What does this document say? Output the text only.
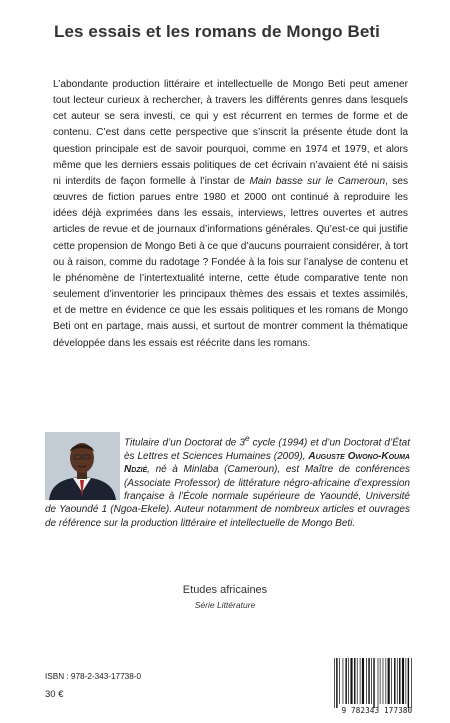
Les essais et les romans de Mongo Beti

L’abondante production littéraire et intellectuelle de Mongo Beti peut amener tout lecteur curieux à rechercher, à travers les différents genres dans lesquels cet auteur se sera investi, ce qui y est récurrent en termes de forme et de contenu. C’est dans cette perspective que s’inscrit la présente étude dont la question principale est de savoir pourquoi, comme en 1974 et 1979, et alors même que les derniers essais politiques de cet écrivain n’avaient été ni saisis ni interdits de façon formelle à l’instar de Main basse sur le Cameroun, ses œuvres de fiction parues entre 1980 et 2000 ont continué à reproduire les idées déjà exprimées dans les essais, interviews, lettres ouvertes et autres articles de revue et de journaux d’informations générales. Qu’est-ce qui justifie cette propension de Mongo Beti à ce que d’aucuns pourraient considérer, à tort ou à raison, comme du radotage ? Fondée à la fois sur l’analyse de contenu et le phénomène de l’intertextualité interne, cette étude comparative tente non seulement d’inventorier les principaux thèmes des essais et textes assimilés, et de mettre en évidence ce que les essais politiques et les romans de Mongo Beti ont en partage, mais aussi, et surtout de montrer comment la thématique développée dans les essais est réécrite dans les romans.

Titulaire d’un Doctorat de 3e cycle (1994) et d’un Doctorat d’État ès Lettres et Sciences Humaines (2009), Auguste Owono-Kouma Ndzié, né à Minlaba (Cameroun), est Maître de conférences (Associate Professor) de littérature négro-africaine d’expression française à l’École normale supérieure de Yaoundé, Université de Yaoundé 1 (Ngoa-Ekele). Auteur notamment de nombreux articles et ouvrages de référence sur la production littéraire et intellectuelle de Mongo Beti.

Etudes africaines
Série Littérature
ISBN : 978-2-343-17738-0
30 €
9 782343 177380
